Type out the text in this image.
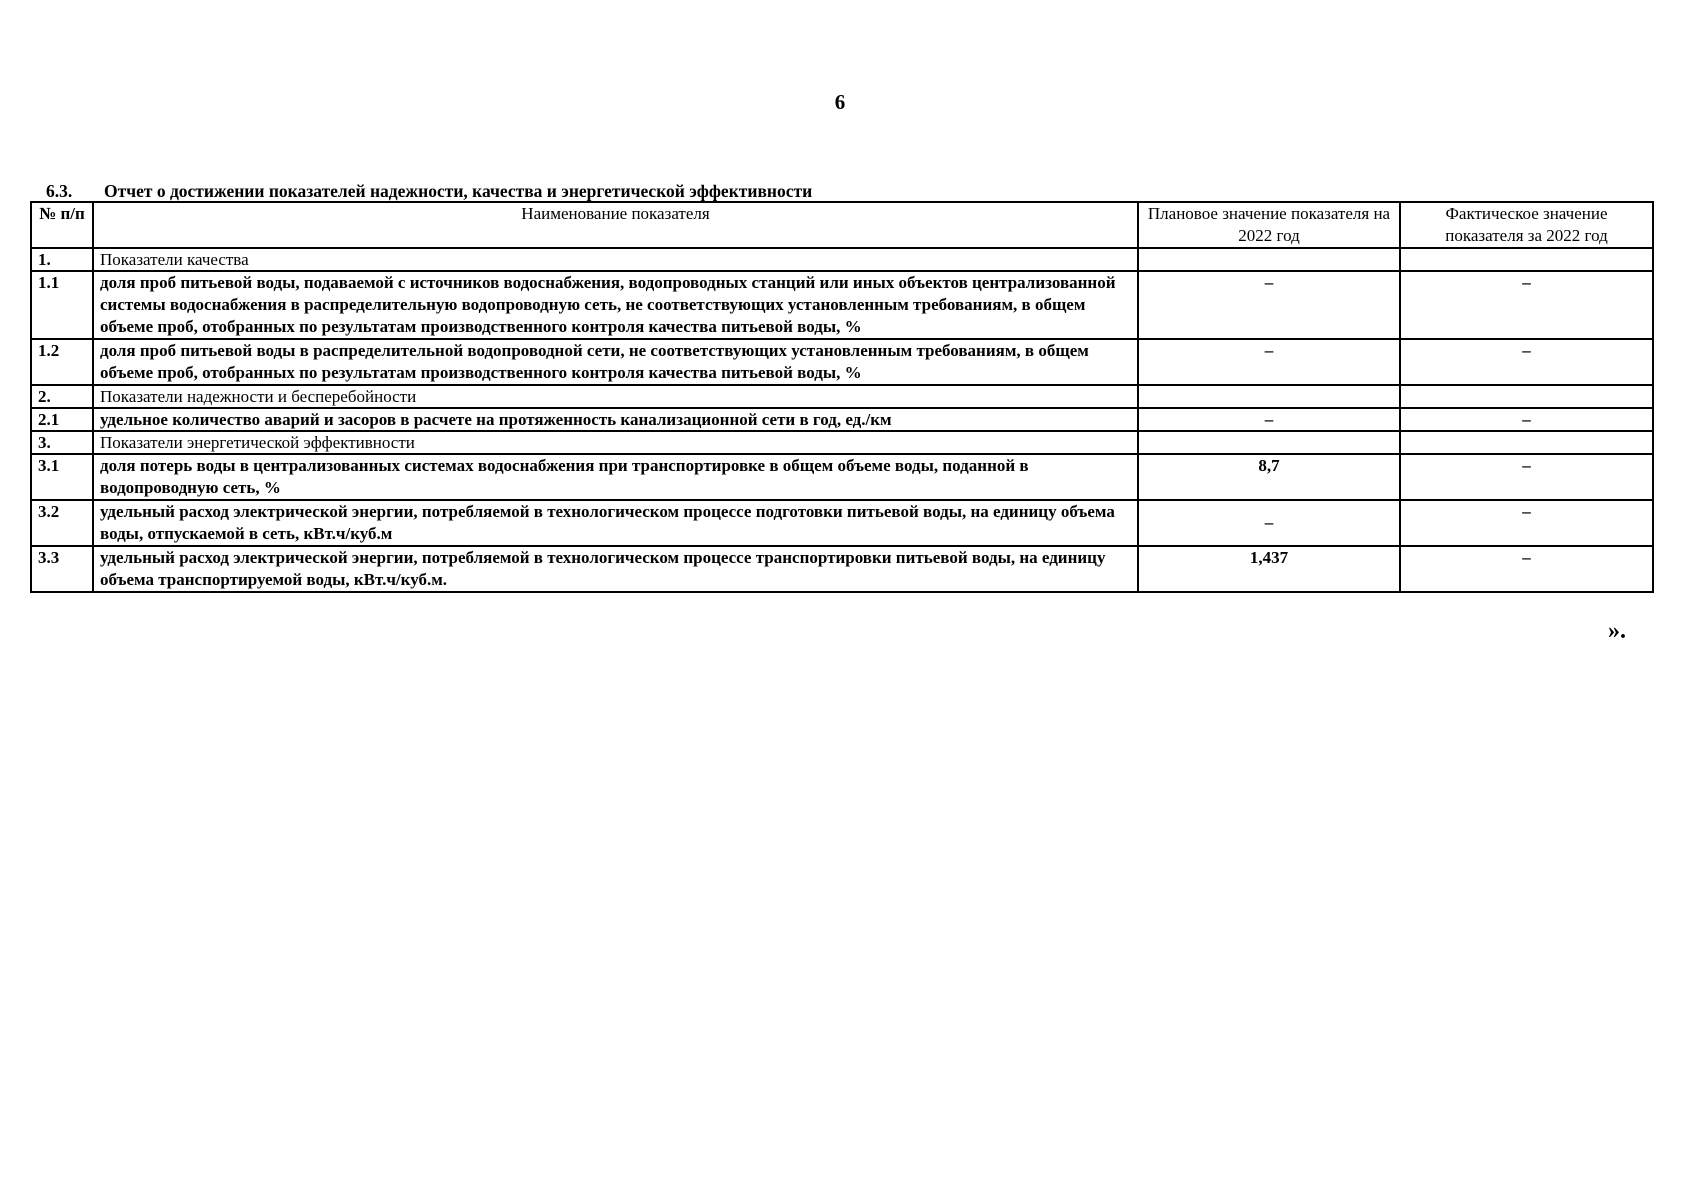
6
6.3. Отчет о достижении показателей надежности, качества и энергетической эффективности
№ п/п	Наименование показателя	Плановое значение показателя на 2022 год	Фактическое значение показателя за 2022 год
1.	Показатели качества		
1.1	доля проб питьевой воды, подаваемой с источников водоснабжения, водопроводных станций или иных объектов централизованной системы водоснабжения в распределительную водопроводную сеть, не соответствующих установленным требованиям, в общем объеме проб, отобранных по результатам производственного контроля качества питьевой воды, %	–	–
1.2	доля проб питьевой воды в распределительной водопроводной сети, не соответствующих установленным требованиям, в общем объеме проб, отобранных по результатам производственного контроля качества питьевой воды, %	–	–
2.	Показатели надежности и бесперебойности		
2.1	удельное количество аварий и засоров в расчете на протяженность канализационной сети в год, ед./км	–	–
3.	Показатели энергетической эффективности		
3.1	доля потерь воды в централизованных системах водоснабжения при транспортировке в общем объеме воды, поданной в водопроводную сеть, %	8,7	–
3.2	удельный расход электрической энергии, потребляемой в технологическом процессе подготовки питьевой воды, на единицу объема воды, отпускаемой в сеть, кВт.ч/куб.м	–	–
3.3	удельный расход электрической энергии, потребляемой в технологическом процессе транспортировки питьевой воды, на единицу объема транспортируемой воды, кВт.ч/куб.м.	1,437	–
».
